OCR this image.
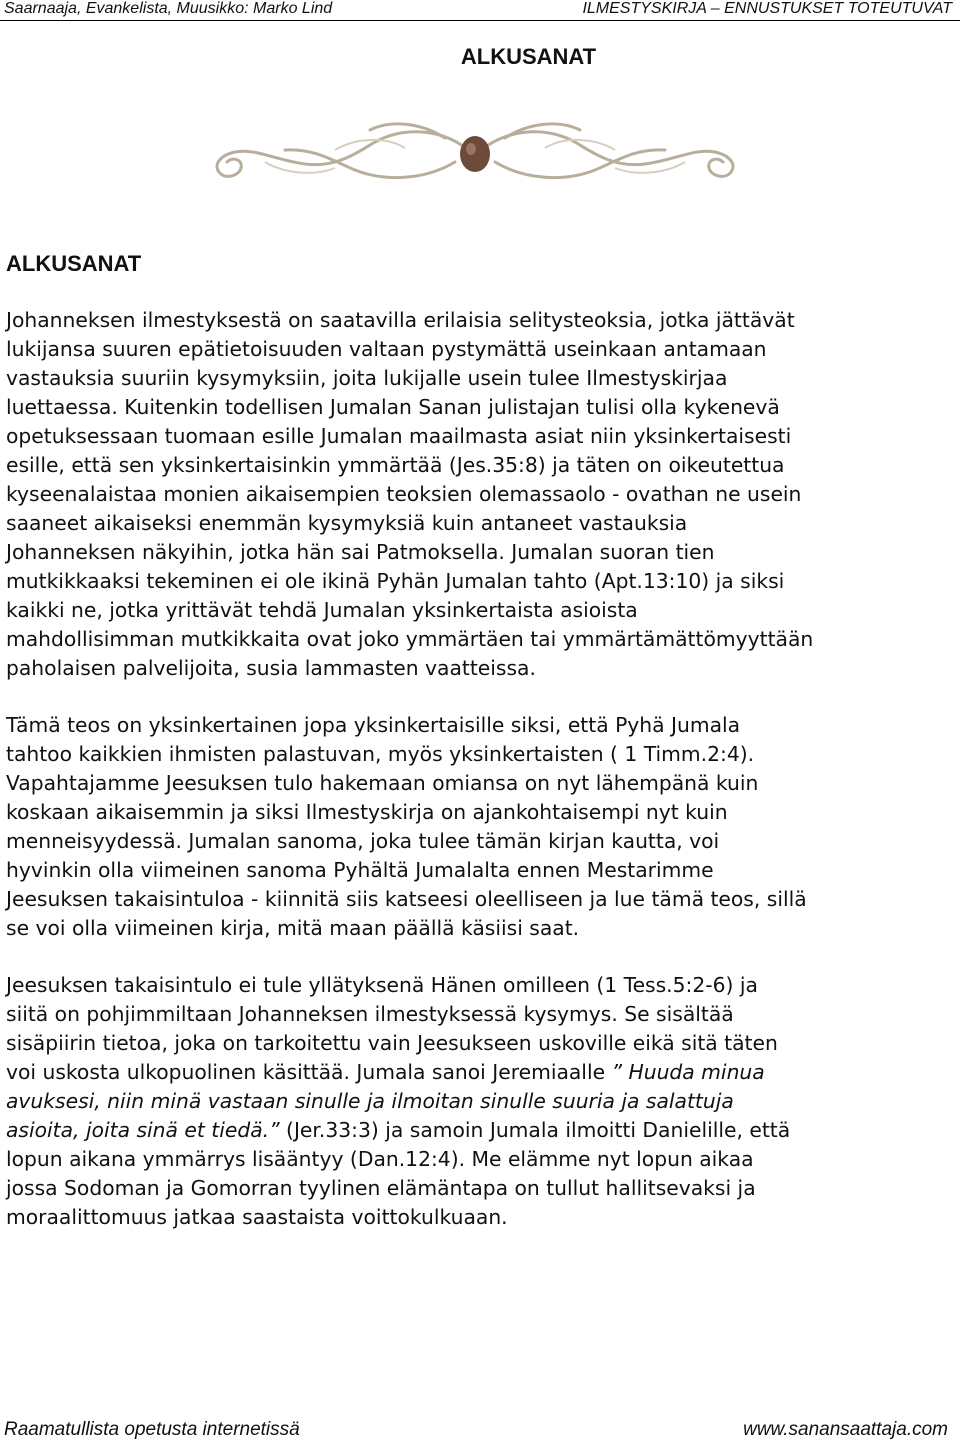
Saarnaaja, Evankelista, Muusikko: Marko Lind	ILMESTYSKIRJA – ENNUSTUKSET TOTEUTUVAT
ALKUSANAT
ALKUSANAT

Johanneksen ilmestyksestä on saatavilla erilaisia selitysteoksia, jotka jättävät
lukijansa suuren epätietoisuuden valtaan pystymättä useinkaan antamaan
vastauksia suuriin kysymyksiin, joita lukijalle usein tulee Ilmestyskirjaa
luettaessa. Kuitenkin todellisen Jumalan Sanan julistajan tulisi olla kykenevä
opetuksessaan tuomaan esille Jumalan maailmasta asiat niin yksinkertaisesti
esille, että sen yksinkertaisinkin ymmärtää (Jes.35:8) ja täten on oikeutettua
kyseenalaistaa monien aikaisempien teoksien olemassaolo - ovathan ne usein
saaneet aikaiseksi enemmän kysymyksiä kuin antaneet vastauksia
Johanneksen näkyihin, jotka hän sai Patmoksella. Jumalan suoran tien
mutkikkaaksi tekeminen ei ole ikinä Pyhän Jumalan tahto (Apt.13:10) ja siksi
kaikki ne, jotka yrittävät tehdä Jumalan yksinkertaista asioista
mahdollisimman mutkikkaita ovat joko ymmärtäen tai ymmärtämättömyyttään
paholaisen palvelijoita, susia lammasten vaatteissa.

Tämä teos on yksinkertainen jopa yksinkertaisille siksi, että Pyhä Jumala
tahtoo kaikkien ihmisten palastuvan, myös yksinkertaisten ( 1 Timm.2:4).
Vapahtajamme Jeesuksen tulo hakemaan omiansa on nyt lähempänä kuin
koskaan aikaisemmin ja siksi Ilmestyskirja on ajankohtaisempi nyt kuin
menneisyydessä. Jumalan sanoma, joka tulee tämän kirjan kautta, voi
hyvinkin olla viimeinen sanoma Pyhältä Jumalalta ennen Mestarimme
Jeesuksen takaisintuloa - kiinnitä siis katseesi oleelliseen ja lue tämä teos, sillä
se voi olla viimeinen kirja, mitä maan päällä käsiisi saat.

Jeesuksen takaisintulo ei tule yllätyksenä Hänen omilleen (1 Tess.5:2-6) ja
siitä on pohjimmiltaan Johanneksen ilmestyksessä kysymys. Se sisältää
sisäpiirin tietoa, joka on tarkoitettu vain Jeesukseen uskoville eikä sitä täten
voi uskosta ulkopuolinen käsittää. Jumala sanoi Jeremiaalle ” Huuda minua
avuksesi, niin minä vastaan sinulle ja ilmoitan sinulle suuria ja salattuja
asioita, joita sinä et tiedä.” (Jer.33:3) ja samoin Jumala ilmoitti Danielille, että
lopun aikana ymmärrys lisääntyy (Dan.12:4). Me elämme nyt lopun aikaa
jossa Sodoman ja Gomorran tyylinen elämäntapa on tullut hallitsevaksi ja
moraalittomuus jatkaa saastaista voittokulkuaan.

Raamatullista opetusta internetissä	www.sanansaattaja.com
